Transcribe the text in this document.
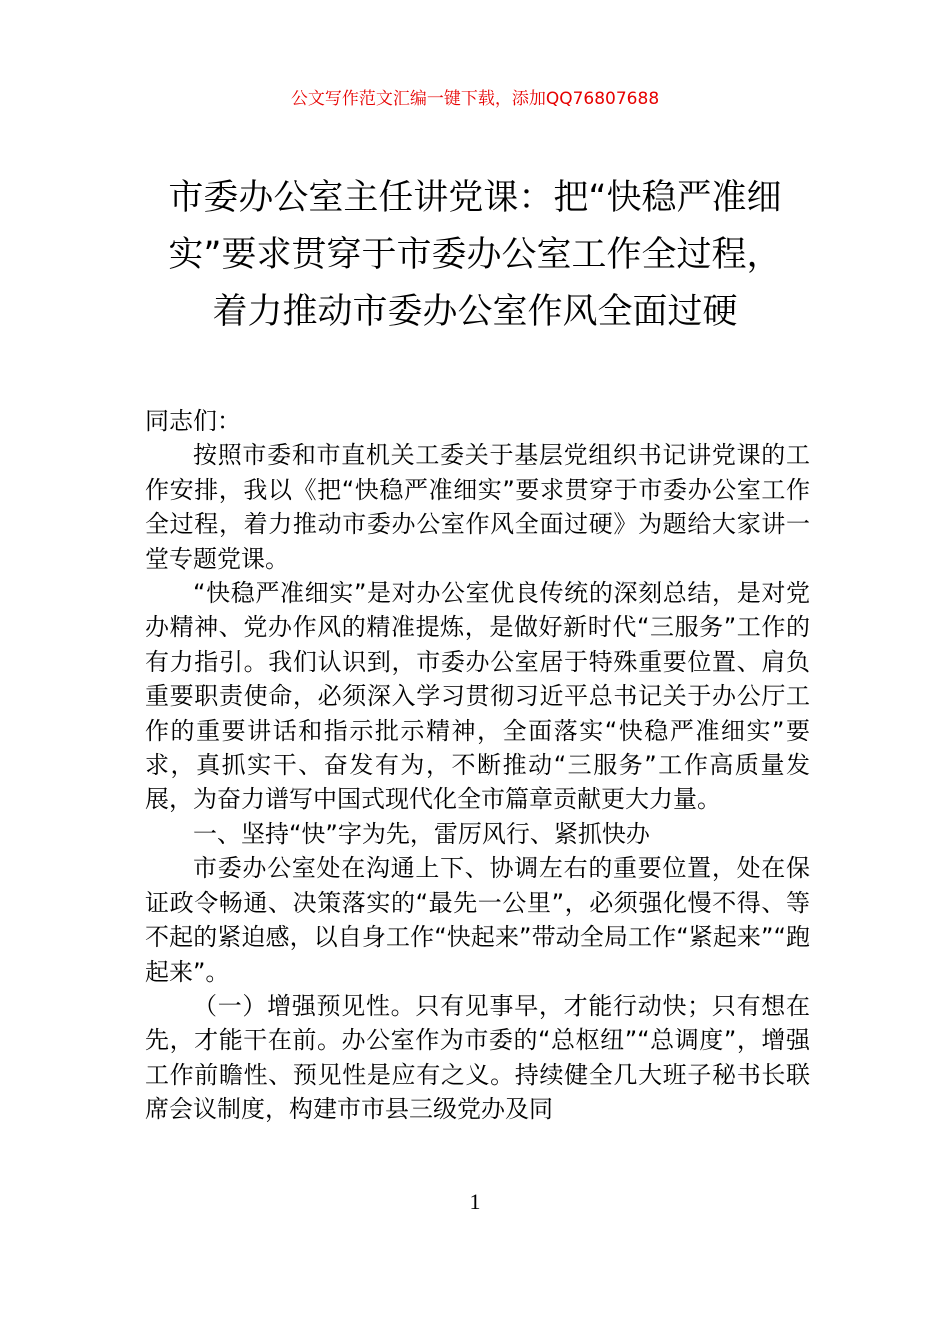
公文写作范文汇编一键下载，添加QQ76807688
市委办公室主任讲党课：把“快稳严准细
实”要求贯穿于市委办公室工作全过程，
着力推动市委办公室作风全面过硬

同志们：

按照市委和市直机关工委关于基层党组织书记讲党课的工作安排，我以《把“快稳严准细实”要求贯穿于市委办公室工作全过程，着力推动市委办公室作风全面过硬》为题给大家讲一堂专题党课。

“快稳严准细实”是对办公室优良传统的深刻总结，是对党办精神、党办作风的精准提炼，是做好新时代“三服务”工作的有力指引。我们认识到，市委办公室居于特殊重要位置、肩负重要职责使命，必须深入学习贯彻习近平总书记关于办公厅工作的重要讲话和指示批示精神，全面落实“快稳严准细实”要求，真抓实干、奋发有为，不断推动“三服务”工作高质量发展，为奋力谱写中国式现代化全市篇章贡献更大力量。

一、坚持“快”字为先，雷厉风行、紧抓快办

市委办公室处在沟通上下、协调左右的重要位置，处在保证政令畅通、决策落实的“最先一公里”，必须强化慢不得、等不起的紧迫感，以自身工作“快起来”带动全局工作“紧起来”“跑起来”。

（一）增强预见性。只有见事早，才能行动快；只有想在先，才能干在前。办公室作为市委的“总枢纽”“总调度”，增强工作前瞻性、预见性是应有之义。持续健全几大班子秘书长联席会议制度，构建市市县三级党办及同

1
